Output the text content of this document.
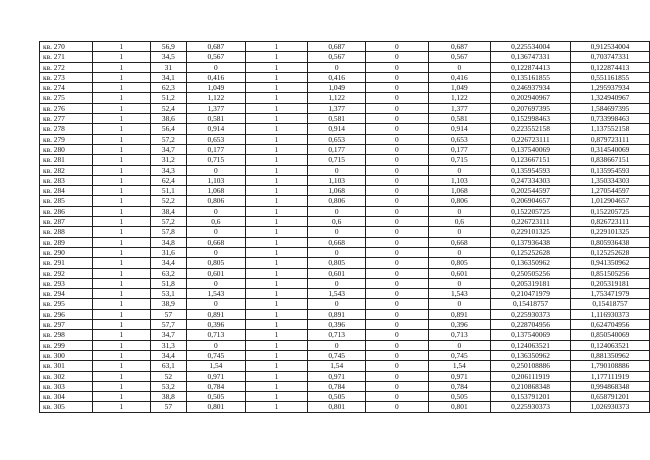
кв. 270	1	56,9	0,687	1	0,687	0	0,687	0,225534004	0,912534004
кв. 271	1	34,5	0,567	1	0,567	0	0,567	0,136747331	0,703747331
кв. 272	1	31	0	1	0	0	0	0,122874413	0,122874413
кв. 273	1	34,1	0,416	1	0,416	0	0,416	0,135161855	0,551161855
кв. 274	1	62,3	1,049	1	1,049	0	1,049	0,246937934	1,295937934
кв. 275	1	51,2	1,122	1	1,122	0	1,122	0,202940967	1,324940967
кв. 276	1	52,4	1,377	1	1,377	0	1,377	0,207697395	1,584697395
кв. 277	1	38,6	0,581	1	0,581	0	0,581	0,152998463	0,733998463
кв. 278	1	56,4	0,914	1	0,914	0	0,914	0,223552158	1,137552158
кв. 279	1	57,2	0,653	1	0,653	0	0,653	0,226723111	0,879723111
кв. 280	1	34,7	0,177	1	0,177	0	0,177	0,137540069	0,314540069
кв. 281	1	31,2	0,715	1	0,715	0	0,715	0,123667151	0,838667151
кв. 282	1	34,3	0	1	0	0	0	0,135954593	0,135954593
кв. 283	1	62,4	1,103	1	1,103	0	1,103	0,247334303	1,350334303
кв. 284	1	51,1	1,068	1	1,068	0	1,068	0,202544597	1,270544597
кв. 285	1	52,2	0,806	1	0,806	0	0,806	0,206904657	1,012904657
кв. 286	1	38,4	0	1	0	0	0	0,152205725	0,152205725
кв. 287	1	57,2	0,6	1	0,6	0	0,6	0,226723111	0,826723111
кв. 288	1	57,8	0	1	0	0	0	0,229101325	0,229101325
кв. 289	1	34,8	0,668	1	0,668	0	0,668	0,137936438	0,805936438
кв. 290	1	31,6	0	1	0	0	0	0,125252628	0,125252628
кв. 291	1	34,4	0,805	1	0,805	0	0,805	0,136350962	0,941350962
кв. 292	1	63,2	0,601	1	0,601	0	0,601	0,250505256	0,851505256
кв. 293	1	51,8	0	1	0	0	0	0,205319181	0,205319181
кв. 294	1	53,1	1,543	1	1,543	0	1,543	0,210471979	1,753471979
кв. 295	1	38,9	0	1	0	0	0	0,15418757	0,15418757
кв. 296	1	57	0,891	1	0,891	0	0,891	0,225930373	1,116930373
кв. 297	1	57,7	0,396	1	0,396	0	0,396	0,228704956	0,624704956
кв. 298	1	34,7	0,713	1	0,713	0	0,713	0,137540069	0,850540069
кв. 299	1	31,3	0	1	0	0	0	0,124063521	0,124063521
кв. 300	1	34,4	0,745	1	0,745	0	0,745	0,136350962	0,881350962
кв. 301	1	63,1	1,54	1	1,54	0	1,54	0,250108886	1,790108886
кв. 302	1	52	0,971	1	0,971	0	0,971	0,206111919	1,177111919
кв. 303	1	53,2	0,784	1	0,784	0	0,784	0,210868348	0,994868348
кв. 304	1	38,8	0,505	1	0,505	0	0,505	0,153791201	0,658791201
кв. 305	1	57	0,801	1	0,801	0	0,801	0,225930373	1,026930373
